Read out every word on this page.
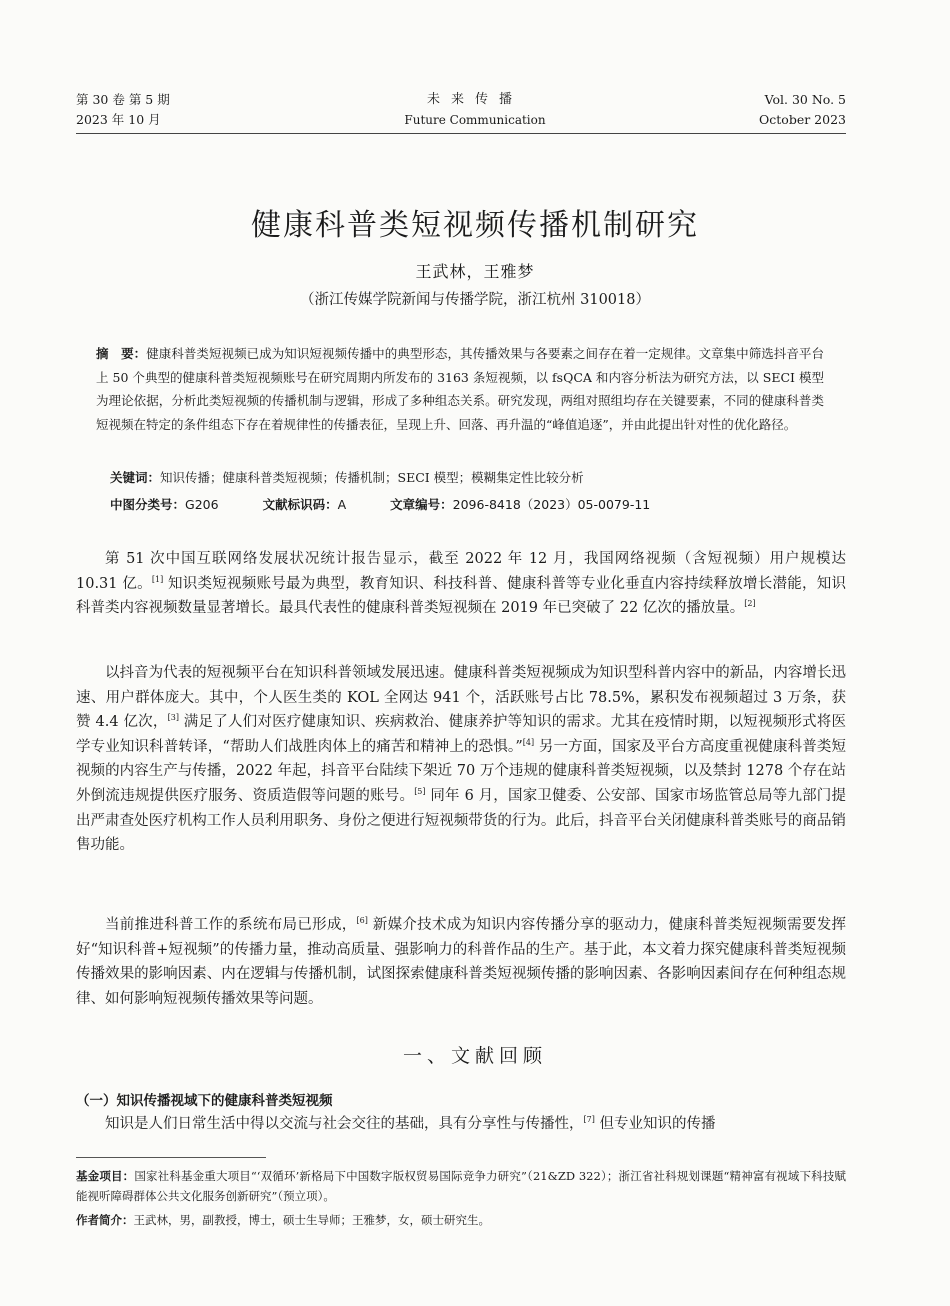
第 30 卷 第 5 期
2023 年 10 月
未来传播
Future Communication
Vol. 30 No. 5
October 2023
健康科普类短视频传播机制研究
王武林，王雅梦
（浙江传媒学院新闻与传播学院，浙江杭州 310018）
摘　要：健康科普类短视频已成为知识短视频传播中的典型形态，其传播效果与各要素之间存在着一定规律。文章集中筛选抖音平台上 50 个典型的健康科普类短视频账号在研究周期内所发布的 3163 条短视频，以 fsQCA 和内容分析法为研究方法，以 SECI 模型为理论依据，分析此类短视频的传播机制与逻辑，形成了多种组态关系。研究发现，两组对照组均存在关键要素，不同的健康科普类短视频在特定的条件组态下存在着规律性的传播表征，呈现上升、回落、再升温的“峰值追逐”，并由此提出针对性的优化路径。
关键词：知识传播；健康科普类短视频；传播机制；SECI 模型；模糊集定性比较分析
中图分类号：G206	文献标识码：A	文章编号：2096-8418（2023）05-0079-11

第 51 次中国互联网络发展状况统计报告显示，截至 2022 年 12 月，我国网络视频（含短视频）用户规模达 10.31 亿。[1] 知识类短视频账号最为典型，教育知识、科技科普、健康科普等专业化垂直内容持续释放增长潜能，知识科普类内容视频数量显著增长。最具代表性的健康科普类短视频在 2019 年已突破了 22 亿次的播放量。[2]

以抖音为代表的短视频平台在知识科普领域发展迅速。健康科普类短视频成为知识型科普内容中的新品，内容增长迅速、用户群体庞大。其中，个人医生类的 KOL 全网达 941 个，活跃账号占比 78.5%，累积发布视频超过 3 万条，获赞 4.4 亿次，[3] 满足了人们对医疗健康知识、疾病救治、健康养护等知识的需求。尤其在疫情时期，以短视频形式将医学专业知识科普转译，“帮助人们战胜肉体上的痛苦和精神上的恐惧。”[4] 另一方面，国家及平台方高度重视健康科普类短视频的内容生产与传播，2022 年起，抖音平台陆续下架近 70 万个违规的健康科普类短视频，以及禁封 1278 个存在站外倒流违规提供医疗服务、资质造假等问题的账号。[5] 同年 6 月，国家卫健委、公安部、国家市场监管总局等九部门提出严肃查处医疗机构工作人员利用职务、身份之便进行短视频带货的行为。此后，抖音平台关闭健康科普类账号的商品销售功能。

当前推进科普工作的系统布局已形成，[6] 新媒介技术成为知识内容传播分享的驱动力，健康科普类短视频需要发挥好“知识科普+短视频”的传播力量，推动高质量、强影响力的科普作品的生产。基于此，本文着力探究健康科普类短视频传播效果的影响因素、内在逻辑与传播机制，试图探索健康科普类短视频传播的影响因素、各影响因素间存在何种组态规律、如何影响短视频传播效果等问题。

一、文献回顾
（一）知识传播视域下的健康科普类短视频

知识是人们日常生活中得以交流与社会交往的基础，具有分享性与传播性，[7] 但专业知识的传播

基金项目：国家社科基金重大项目“‘双循环’新格局下中国数字版权贸易国际竞争力研究”（21&ZD 322）；浙江省社科规划课题“精神富有视域下科技赋能视听障碍群体公共文化服务创新研究”（预立项）。
作者简介：王武林，男，副教授，博士，硕士生导师；王雅梦，女，硕士研究生。
